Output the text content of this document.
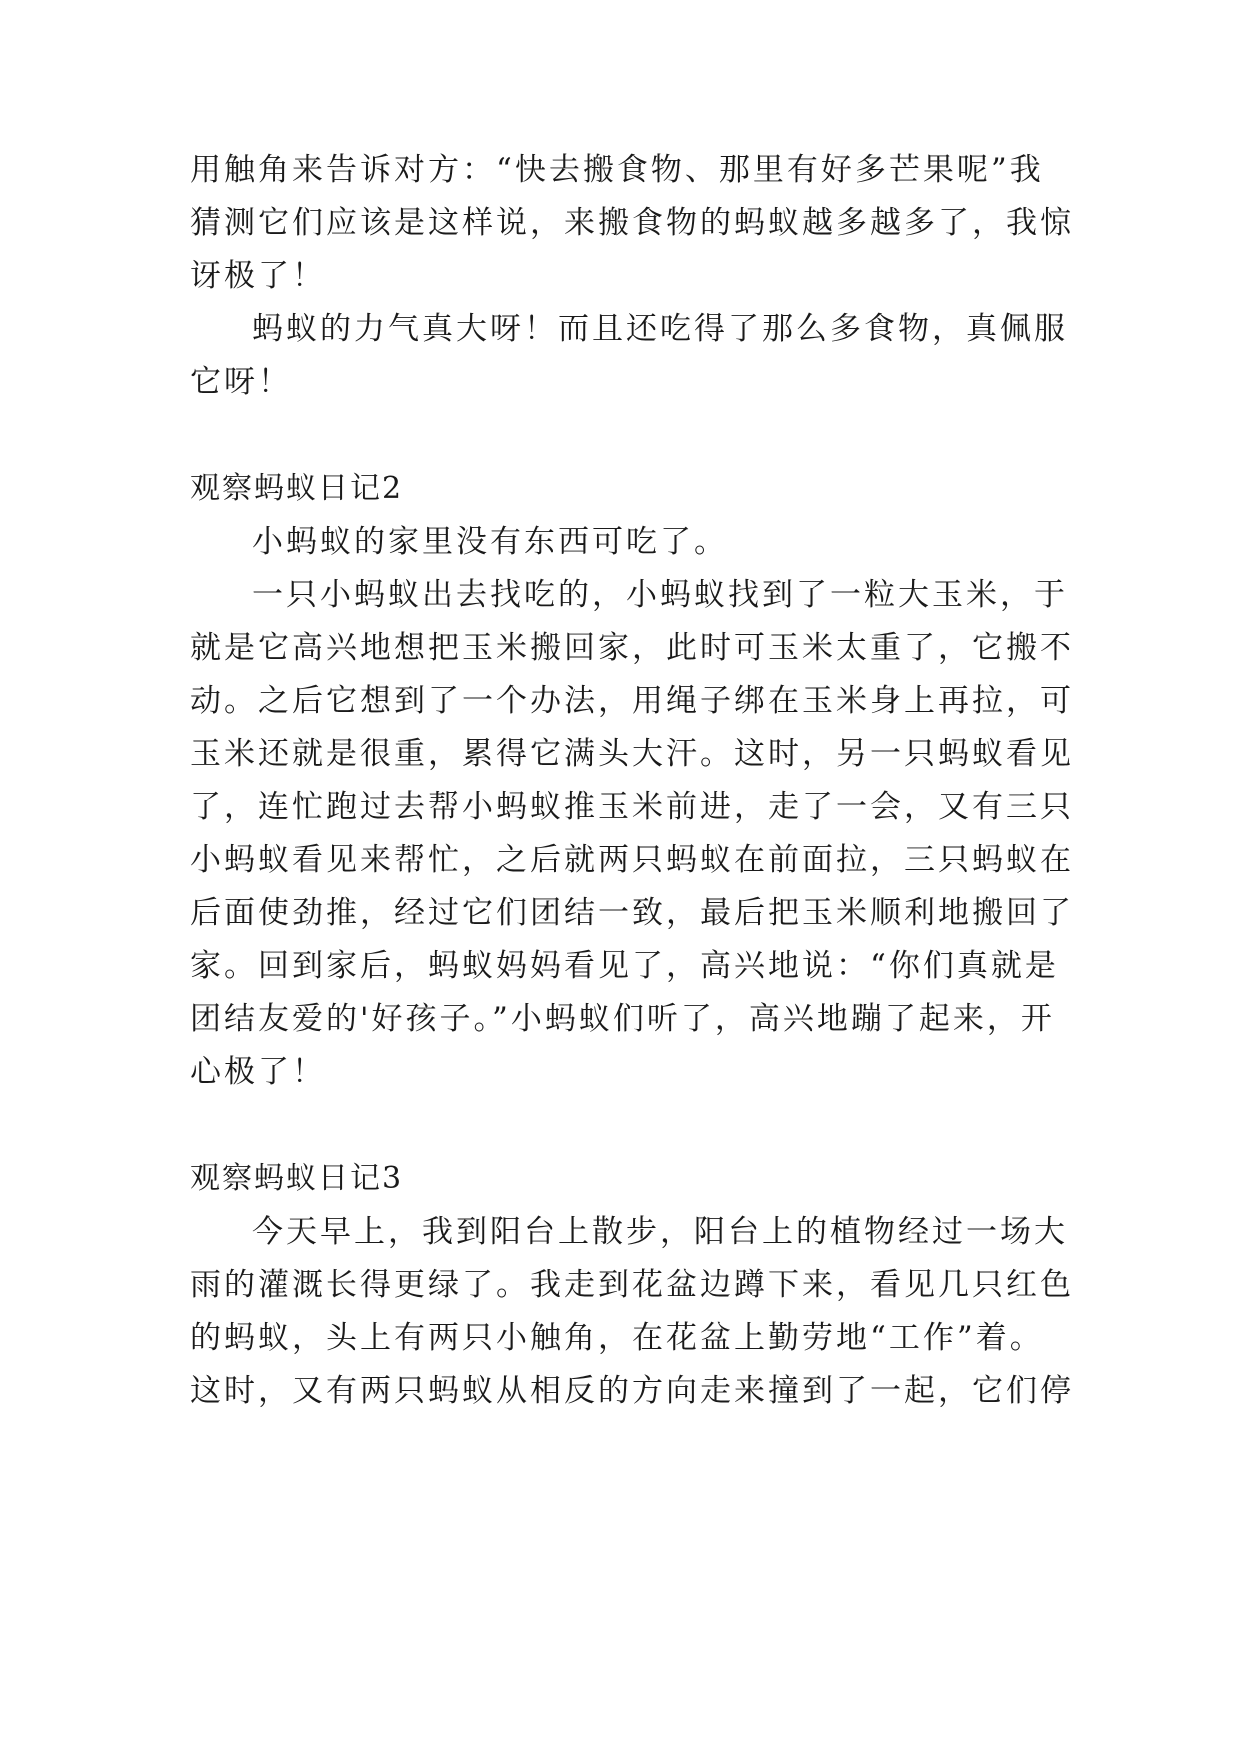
用触角来告诉对方：“快去搬食物、那里有好多芒果呢”我
猜测它们应该是这样说，来搬食物的蚂蚁越多越多了，我惊
讶极了！
蚂蚁的力气真大呀！而且还吃得了那么多食物，真佩服
它呀！
观察蚂蚁日记2
小蚂蚁的家里没有东西可吃了。
一只小蚂蚁出去找吃的，小蚂蚁找到了一粒大玉米，于
就是它高兴地想把玉米搬回家，此时可玉米太重了，它搬不
动。之后它想到了一个办法，用绳子绑在玉米身上再拉，可
玉米还就是很重，累得它满头大汗。这时，另一只蚂蚁看见
了，连忙跑过去帮小蚂蚁推玉米前进，走了一会，又有三只
小蚂蚁看见来帮忙，之后就两只蚂蚁在前面拉，三只蚂蚁在
后面使劲推，经过它们团结一致，最后把玉米顺利地搬回了
家。回到家后，蚂蚁妈妈看见了，高兴地说：“你们真就是
团结友爱的'好孩子。”小蚂蚁们听了，高兴地蹦了起来，开
心极了！
观察蚂蚁日记3
今天早上，我到阳台上散步，阳台上的植物经过一场大
雨的灌溉长得更绿了。我走到花盆边蹲下来，看见几只红色
的蚂蚁，头上有两只小触角，在花盆上勤劳地“工作”着。
这时，又有两只蚂蚁从相反的方向走来撞到了一起，它们停
